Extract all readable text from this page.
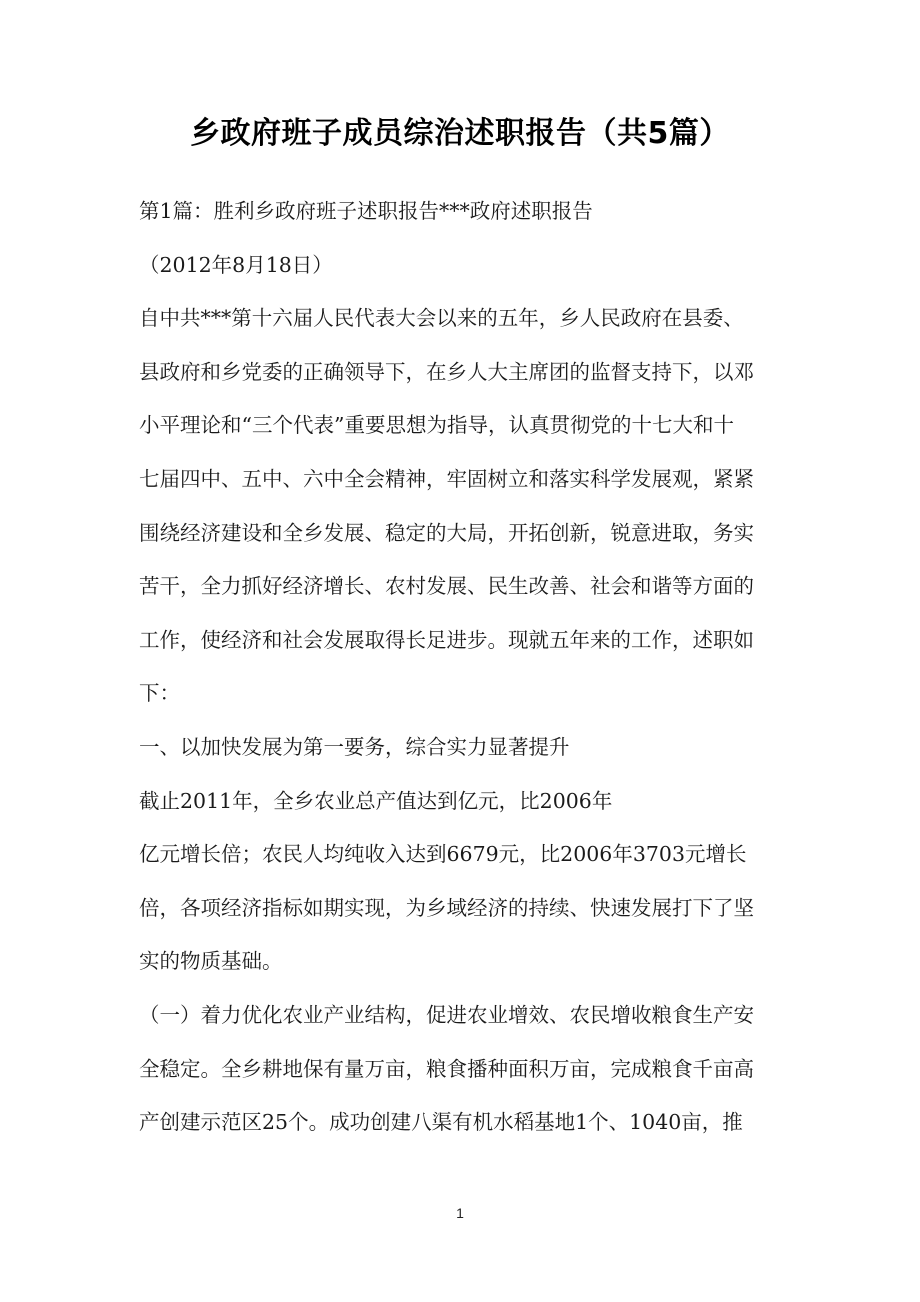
乡政府班子成员综治述职报告（共5篇）
第1篇：胜利乡政府班子述职报告***政府述职报告
（2012年8月18日）
自中共***第十六届人民代表大会以来的五年，乡人民政府在县委、
县政府和乡党委的正确领导下，在乡人大主席团的监督支持下，以邓
小平理论和“三个代表”重要思想为指导，认真贯彻党的十七大和十
七届四中、五中、六中全会精神，牢固树立和落实科学发展观，紧紧
围绕经济建设和全乡发展、稳定的大局，开拓创新，锐意进取，务实
苦干，全力抓好经济增长、农村发展、民生改善、社会和谐等方面的
工作，使经济和社会发展取得长足进步。现就五年来的工作，述职如
下：
一、以加快发展为第一要务，综合实力显著提升
截止2011年，全乡农业总产值达到亿元，比2006年
亿元增长倍；农民人均纯收入达到6679元，比2006年3703元增长
倍，各项经济指标如期实现，为乡域经济的持续、快速发展打下了坚
实的物质基础。
（一）着力优化农业产业结构，促进农业增效、农民增收粮食生产安
全稳定。全乡耕地保有量万亩，粮食播种面积万亩，完成粮食千亩高
产创建示范区25个。成功创建八渠有机水稻基地1个、1040亩，推
1
